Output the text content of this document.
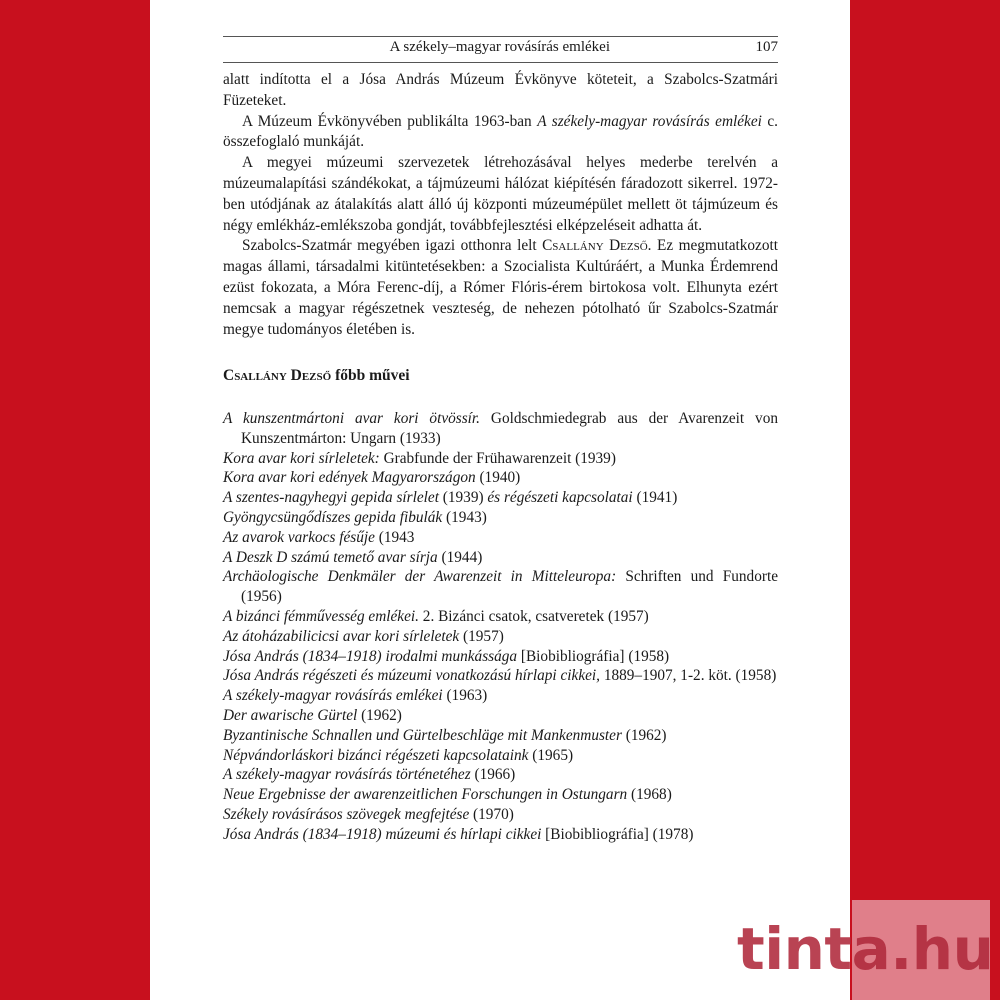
A székely–magyar rovásírás emlékei	107

alatt indította el a Jósa András Múzeum Évkönyve köteteit, a Szabolcs-Szatmári Füzeteket.

A Múzeum Évkönyvében publikálta 1963-ban A székely-magyar rovásírás emlékei c. összefoglaló munkáját.

A megyei múzeumi szervezetek létrehozásával helyes mederbe terelvén a múzeumalapítási szándékokat, a tájmúzeumi hálózat kiépítésén fáradozott sikerrel. 1972-ben utódjának az átalakítás alatt álló új központi múzeumépület mellett öt tájmúzeum és négy emlékház-emlékszoba gondját, továbbfejlesztési elképzeléseit adhatta át.

Szabolcs-Szatmár megyében igazi otthonra lelt Csallány Dezső. Ez megmutatkozott magas állami, társadalmi kitüntetésekben: a Szocialista Kultúráért, a Munka Érdemrend ezüst fokozata, a Móra Ferenc-díj, a Rómer Flóris-érem birtokosa volt. Elhunyta ezért nemcsak a magyar régészetnek veszteség, de nehezen pótolható űr Szabolcs-Szatmár megye tudományos életében is.

Csallány Dezső főbb művei
A kunszentmártoni avar kori ötvössír. Goldschmiedegrab aus der Avarenzeit von Kunszentmárton: Ungarn (1933)
Kora avar kori sírleletek: Grabfunde der Frühawarenzeit (1939)
Kora avar kori edények Magyarországon (1940)
A szentes-nagyhegyi gepida sírlelet (1939) és régészeti kapcsolatai (1941)
Gyöngycsüngődíszes gepida fibulák (1943)
Az avarok varkocs fésűje (1943
A Deszk D számú temető avar sírja (1944)
Archäologische Denkmäler der Awarenzeit in Mitteleuropa: Schriften und Fundorte (1956)
A bizánci fémművesség emlékei. 2. Bizánci csatok, csatveretek (1957)
Az átoházabilicicsi avar kori sírleletek (1957)
Jósa András (1834–1918) irodalmi munkássága [Biobibliográfia] (1958)
Jósa András régészeti és múzeumi vonatkozású hírlapi cikkei, 1889–1907, 1-2. köt. (1958)
A székely-magyar rovásírás emlékei (1963)
Der awarische Gürtel (1962)
Byzantinische Schnallen und Gürtelbeschläge mit Mankenmuster (1962)
Népvándorláskori bizánci régészeti kapcsolataink (1965)
A székely-magyar rovásírás történetéhez (1966)
Neue Ergebnisse der awarenzeitlichen Forschungen in Ostungarn (1968)
Székely rovásírásos szövegek megfejtése (1970)
Jósa András (1834–1918) múzeumi és hírlapi cikkei [Biobibliográfia] (1978)
tinta.hu
